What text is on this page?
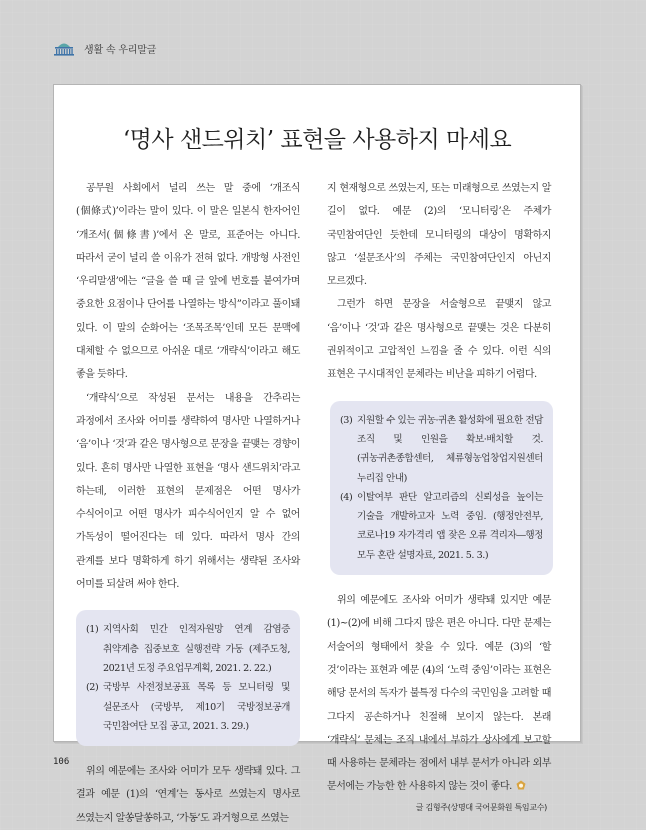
생활 속 우리말글
‘명사 샌드위치’ 표현을 사용하지 마세요

공무원 사회에서 널리 쓰는 말 중에 ‘개조식(個條式)’이라는 말이 있다. 이 말은 일본식 한자어인 ‘개조서(個條書)’에서 온 말로, 표준어는 아니다. 따라서 굳이 널리 쓸 이유가 전혀 없다. 개방형 사전인 ‘우리말샘’에는 “글을 쓸 때 글 앞에 번호를 붙여가며 중요한 요점이나 단어를 나열하는 방식”이라고 풀이돼 있다. 이 말의 순화어는 ‘조목조목’인데 모든 문맥에 대체할 수 없으므로 아쉬운 대로 ‘개략식’이라고 해도 좋을 듯하다.

‘개략식’으로 작성된 문서는 내용을 간추리는 과정에서 조사와 어미를 생략하여 명사만 나열하거나 ‘음’이나 ‘것’과 같은 명사형으로 문장을 끝맺는 경향이 있다. 흔히 명사만 나열한 표현을 ‘명사 샌드위치’라고 하는데, 이러한 표현의 문제점은 어떤 명사가 수식어이고 어떤 명사가 피수식어인지 알 수 없어 가독성이 떨어진다는 데 있다. 따라서 명사 간의 관계를 보다 명확하게 하기 위해서는 생략된 조사와 어미를 되살려 써야 한다.

(1) 지역사회 민간 인적자원망 연계 감염증 취약계층 집중보호 실행전략 가동 (제주도청, 2021년 도정 주요업무계획, 2021. 2. 22.)
(2) 국방부 사전정보공표 목록 등 모니터링 및 설문조사 (국방부, 제10기 국방정보공개 국민참여단 모집 공고, 2021. 3. 29.)

위의 예문에는 조사와 어미가 모두 생략돼 있다. 그 결과 예문 (1)의 ‘연계’는 동사로 쓰였는지 명사로 쓰였는지 알쏭달쏭하고, ‘가동’도 과거형으로 쓰였는

지 현재형으로 쓰였는지, 또는 미래형으로 쓰였는지 알 길이 없다. 예문 (2)의 ‘모니터링’은 주체가 국민참여단인 듯한데 모니터링의 대상이 명확하지 않고 ‘설문조사’의 주체는 국민참여단인지 아닌지 모르겠다.

그런가 하면 문장을 서술형으로 끝맺지 않고 ‘음’이나 ‘것’과 같은 명사형으로 끝맺는 것은 다분히 권위적이고 고압적인 느낌을 줄 수 있다. 이런 식의 표현은 구시대적인 문체라는 비난을 피하기 어렵다.

(3) 지원할 수 있는 귀농·귀촌 활성화에 필요한 전담 조직 및 인원을 확보·배치할 것. (귀농귀촌종합센터, 체류형농업창업지원센터 누리집 안내)
(4) 이탈여부 판단 알고리즘의 신뢰성을 높이는 기술을 개발하고자 노력 중임. (행정안전부, 코로나19 자가격리 앱 잦은 오류 격리자―행정 모두 혼란 설명자료, 2021. 5. 3.)

위의 예문에도 조사와 어미가 생략돼 있지만 예문 (1)~(2)에 비해 그다지 많은 편은 아니다. 다만 문제는 서술어의 형태에서 찾을 수 있다. 예문 (3)의 ‘할 것’이라는 표현과 예문 (4)의 ‘노력 중임’이라는 표현은 해당 문서의 독자가 불특정 다수의 국민임을 고려할 때 그다지 공손하거나 친절해 보이지 않는다. 본래 ‘개략식’ 문체는 조직 내에서 부하가 상사에게 보고할 때 사용하는 문체라는 점에서 내부 문서가 아니라 외부 문서에는 가능한 한 사용하지 않는 것이 좋다.

글 김형주(상명대 국어문화원 특임교수)
106
